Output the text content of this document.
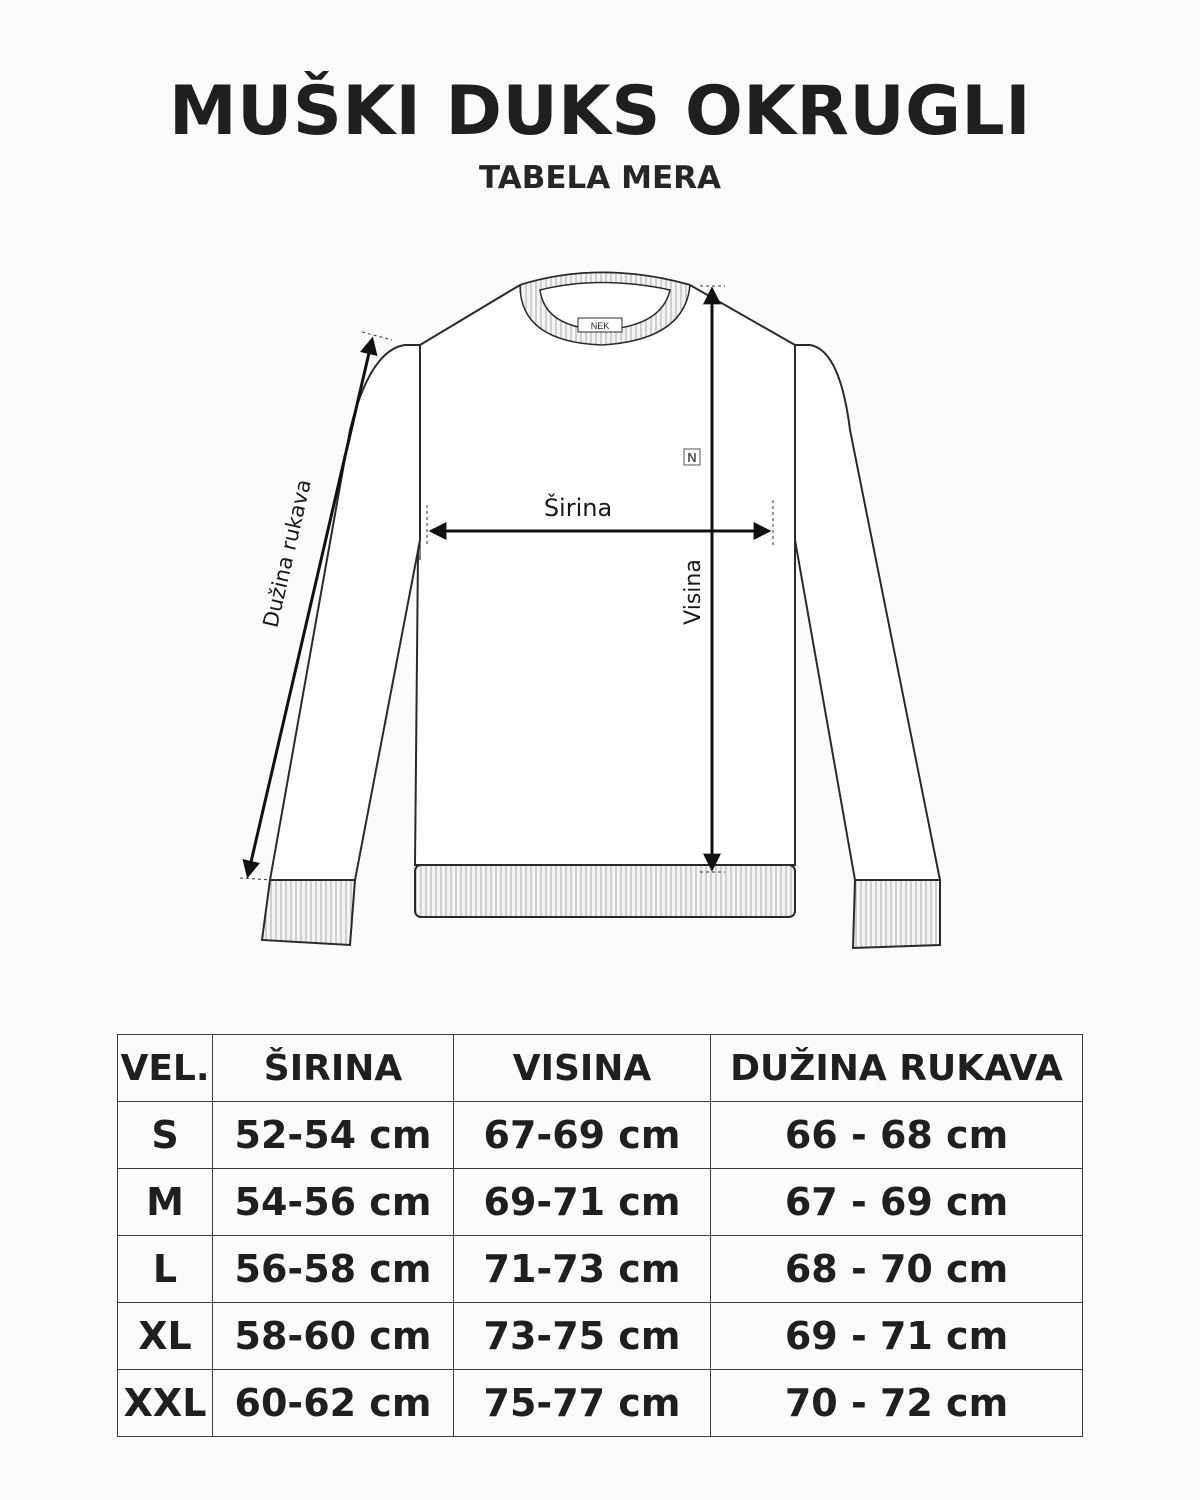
MUŠKI DUKS OKRUGLI
TABELA MERA
NEK
N
Širina
Visina
Dužina rukava
VEL.	ŠIRINA	VISINA	DUŽINA RUKAVA
S	52-54 cm	67-69 cm	66 - 68 cm
M	54-56 cm	69-71 cm	67 - 69 cm
L	56-58 cm	71-73 cm	68 - 70 cm
XL	58-60 cm	73-75 cm	69 - 71 cm
XXL	60-62 cm	75-77 cm	70 - 72 cm
